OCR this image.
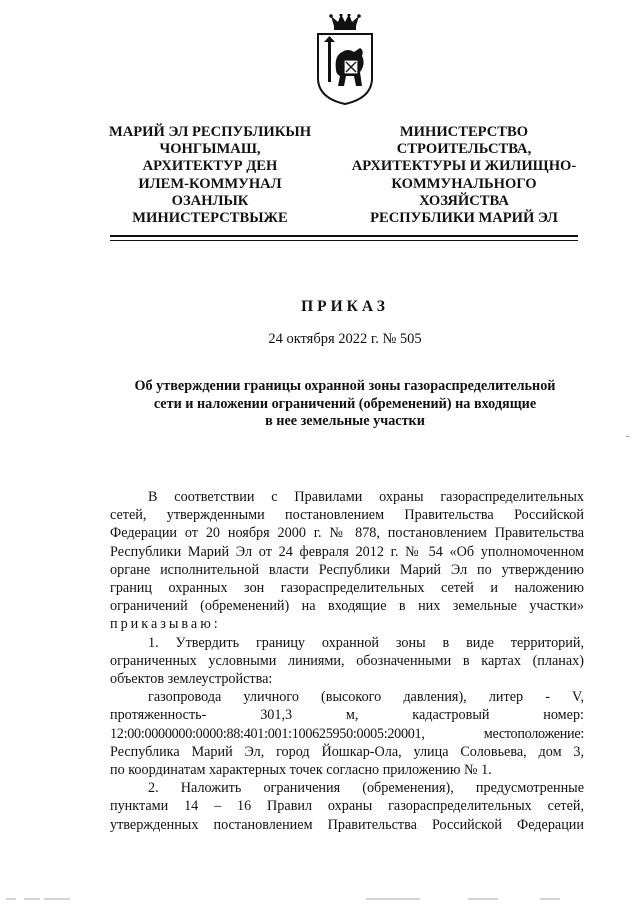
МАРИЙ ЭЛ РЕСПУБЛИКЫН
ЧОНГЫМАШ,
АРХИТЕКТУР ДЕН
ИЛЕМ-КОММУНАЛ
ОЗАНЛЫК
МИНИСТЕРСТВЫЖЕ
МИНИСТЕРСТВО
СТРОИТЕЛЬСТВА,
АРХИТЕКТУРЫ И ЖИЛИЩНО-
КОММУНАЛЬНОГО
ХОЗЯЙСТВА
РЕСПУБЛИКИ МАРИЙ ЭЛ
ПРИКАЗ
24 октября 2022 г. № 505
Об утверждении границы охранной зоны газораспределительной
сети и наложении ограничений (обременений) на входящие
в нее земельные участки

В соответствии с Правилами охраны газораспределительных

сетей, утвержденными постановлением Правительства Российской

Федерации от 20 ноября 2000 г. № 878, постановлением Правительства

Республики Марий Эл от 24 февраля 2012 г. № 54 «Об уполномоченном

органе исполнительной власти Республики Марий Эл по утверждению

границ охранных зон газораспределительных сетей и наложению

ограничений (обременений) на входящие в них земельные участки»

приказываю:

1. Утвердить границу охранной зоны в виде территорий,

ограниченных условными линиями, обозначенными в картах (планах)

объектов землеустройства:

газопровода уличного (высокого давления), литер - V,

протяженность- 301,3 м, кадастровый номер:

12:00:0000000:0000:88:401:001:100625950:0005:20001, местоположение:

Республика Марий Эл, город Йошкар-Ола, улица Соловьева, дом 3,

по координатам характерных точек согласно приложению № 1.

2. Наложить ограничения (обременения), предусмотренные

пунктами 14 – 16 Правил охраны газораспределительных сетей,

утвержденных постановлением Правительства Российской Федерации
